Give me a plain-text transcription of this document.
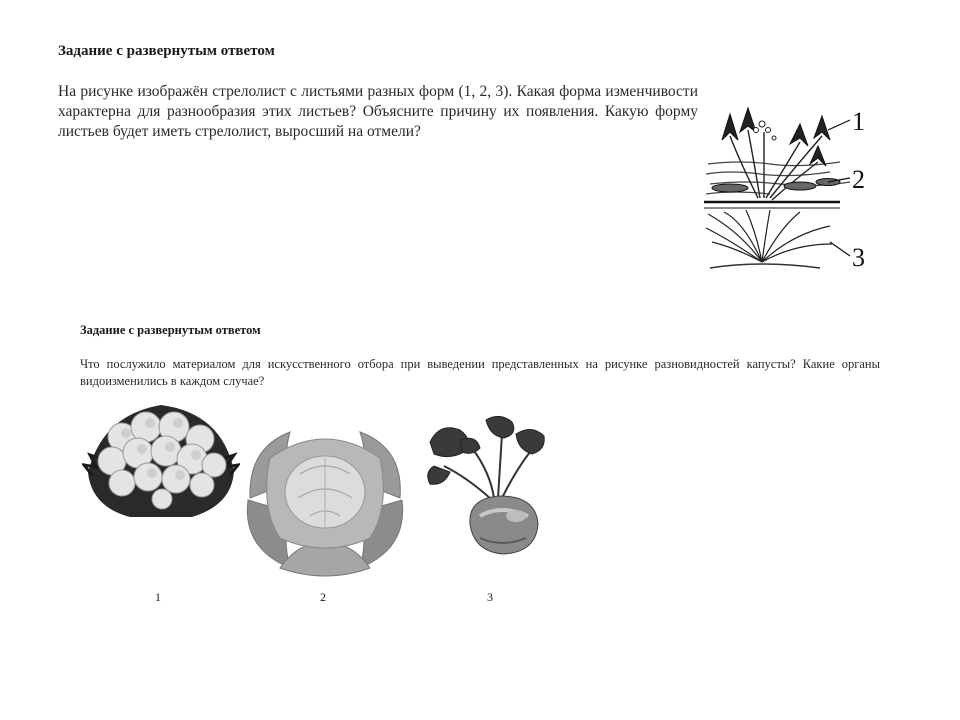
Задание с развернутым ответом

На рисунке изображён стрелолист с листьями разных форм (1, 2, 3). Какая форма изменчивости характерна для разнообразия этих листьев? Объясните причину их появления. Какую форму листьев будет иметь стрелолист, выросший на отмели?	1
2
3

Задание с развернутым ответом

Что послужило материалом для искусственного отбора при выведении представленных на рисунке разновидностей капусты? Какие органы видоизменились в каждом случае?

1	2	3
